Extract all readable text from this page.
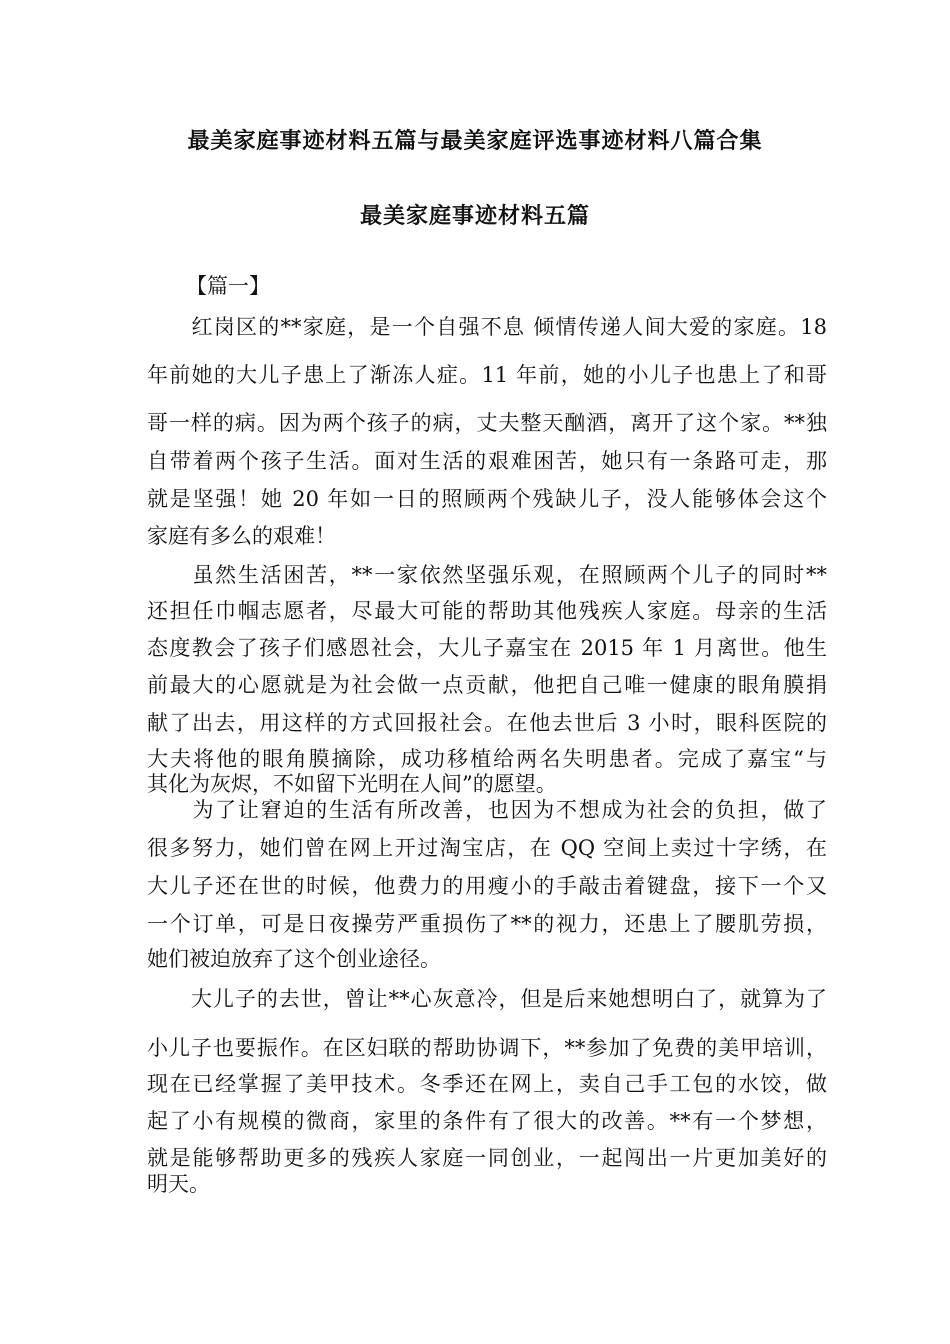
最美家庭事迹材料五篇与最美家庭评选事迹材料八篇合集
最美家庭事迹材料五篇
【篇一】
　　红岗区的**家庭，是一个自强不息 倾情传递人间大爱的家庭。18
年前她的大儿子患上了渐冻人症。11 年前，她的小儿子也患上了和哥
哥一样的病。因为两个孩子的病，丈夫整天酗酒，离开了这个家。**独
自带着两个孩子生活。面对生活的艰难困苦，她只有一条路可走，那
就是坚强！她 20 年如一日的照顾两个残缺儿子，没人能够体会这个
家庭有多么的艰难！
　　虽然生活困苦，**一家依然坚强乐观，在照顾两个儿子的同时**
还担任巾帼志愿者，尽最大可能的帮助其他残疾人家庭。母亲的生活
态度教会了孩子们感恩社会，大儿子嘉宝在 2015 年 1 月离世。他生
前最大的心愿就是为社会做一点贡献，他把自己唯一健康的眼角膜捐
献了出去，用这样的方式回报社会。在他去世后 3 小时，眼科医院的
大夫将他的眼角膜摘除，成功移植给两名失明患者。完成了嘉宝“与
其化为灰烬，不如留下光明在人间”的愿望。
　　为了让窘迫的生活有所改善，也因为不想成为社会的负担，做了
很多努力，她们曾在网上开过淘宝店，在 QQ 空间上卖过十字绣，在
大儿子还在世的时候，他费力的用瘦小的手敲击着键盘，接下一个又
一个订单，可是日夜操劳严重损伤了**的视力，还患上了腰肌劳损，
她们被迫放弃了这个创业途径。
　　大儿子的去世，曾让**心灰意冷，但是后来她想明白了，就算为了
小儿子也要振作。在区妇联的帮助协调下，**参加了免费的美甲培训，
现在已经掌握了美甲技术。冬季还在网上，卖自己手工包的水饺，做
起了小有规模的微商，家里的条件有了很大的改善。**有一个梦想，
就是能够帮助更多的残疾人家庭一同创业，一起闯出一片更加美好的
明天。
